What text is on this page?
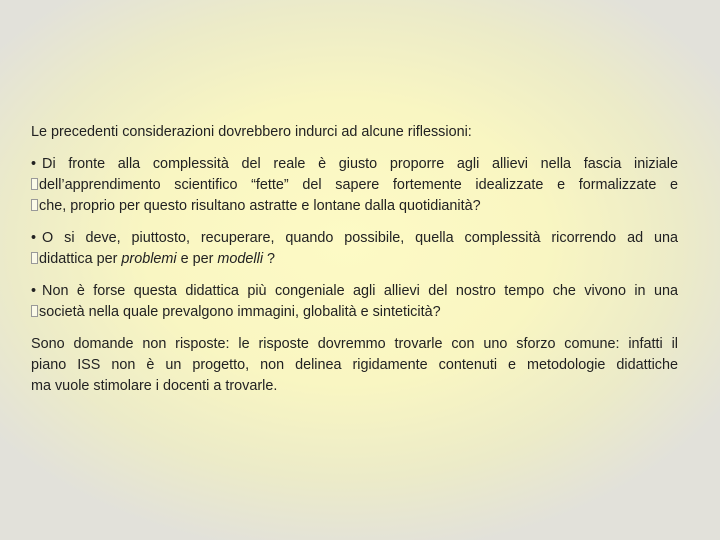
Le precedenti considerazioni dovrebbero indurci ad alcune riflessioni:

• Di fronte alla complessità del reale è giusto proporre agli allievi nella fascia iniziale
dell’apprendimento scientifico “fette” del sapere fortemente idealizzate e formalizzate e
che, proprio per questo risultano astratte e lontane dalla quotidianità?

• O si deve, piuttosto, recuperare, quando possibile, quella complessità ricorrendo ad una
didattica per problemi e per modelli ?

• Non è forse questa didattica più congeniale agli allievi del nostro tempo che vivono in una
società nella quale prevalgono immagini, globalità e sinteticità?

Sono domande non risposte: le risposte dovremmo trovarle con uno sforzo comune: infatti il
piano ISS non è un progetto, non delinea rigidamente contenuti e metodologie didattiche
ma vuole stimolare i docenti a trovarle.
